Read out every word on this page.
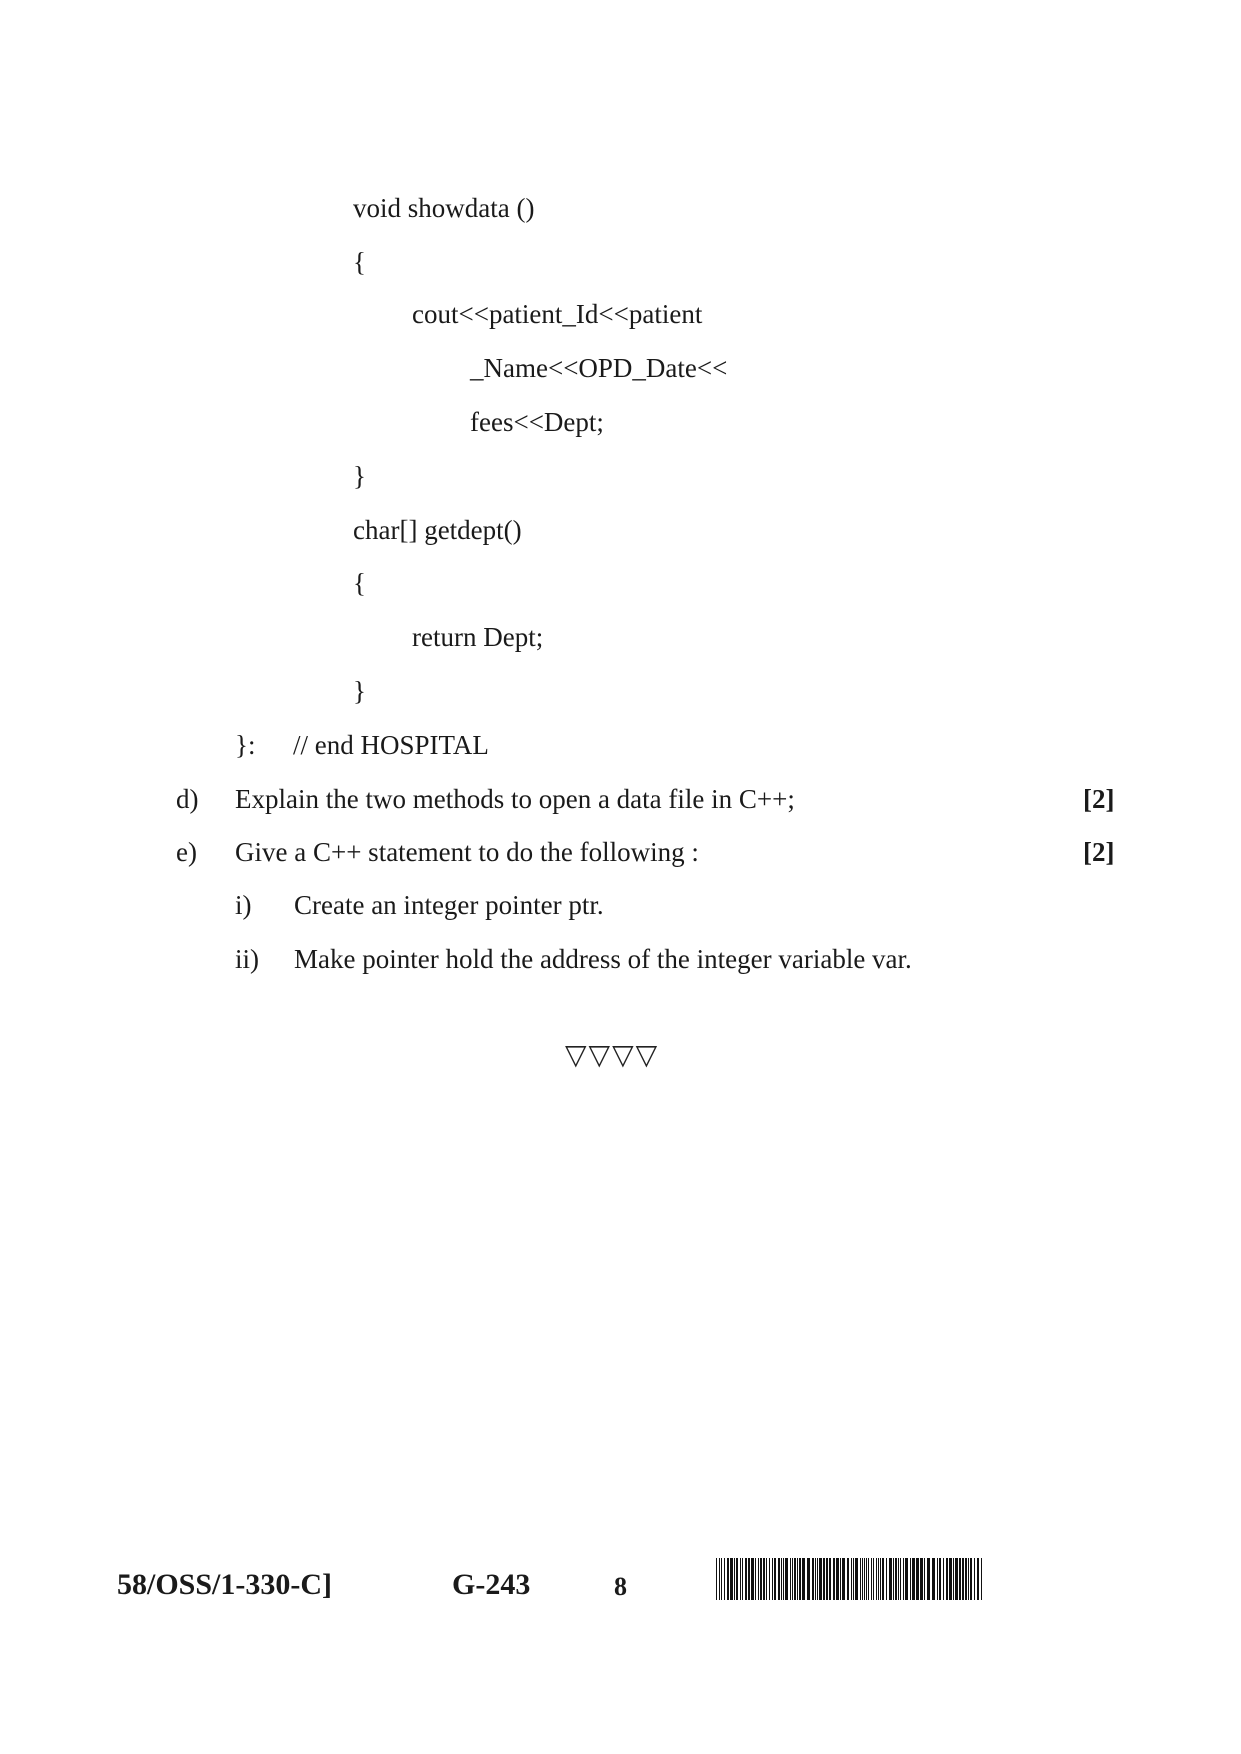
void showdata ()
{
cout<<patient_Id<<patient
_Name<<OPD_Date<<
fees<<Dept;
}
char[] getdept()
{
return Dept;
}
}: // end HOSPITAL
d) Explain the two methods to open a data file in C++;	[2]
e) Give a C++ statement to do the following :	[2]
i) Create an integer pointer ptr.
ii) Make pointer hold the address of the integer variable var.
▽▽▽▽
58/OSS/1-330-C]	G-243	8
